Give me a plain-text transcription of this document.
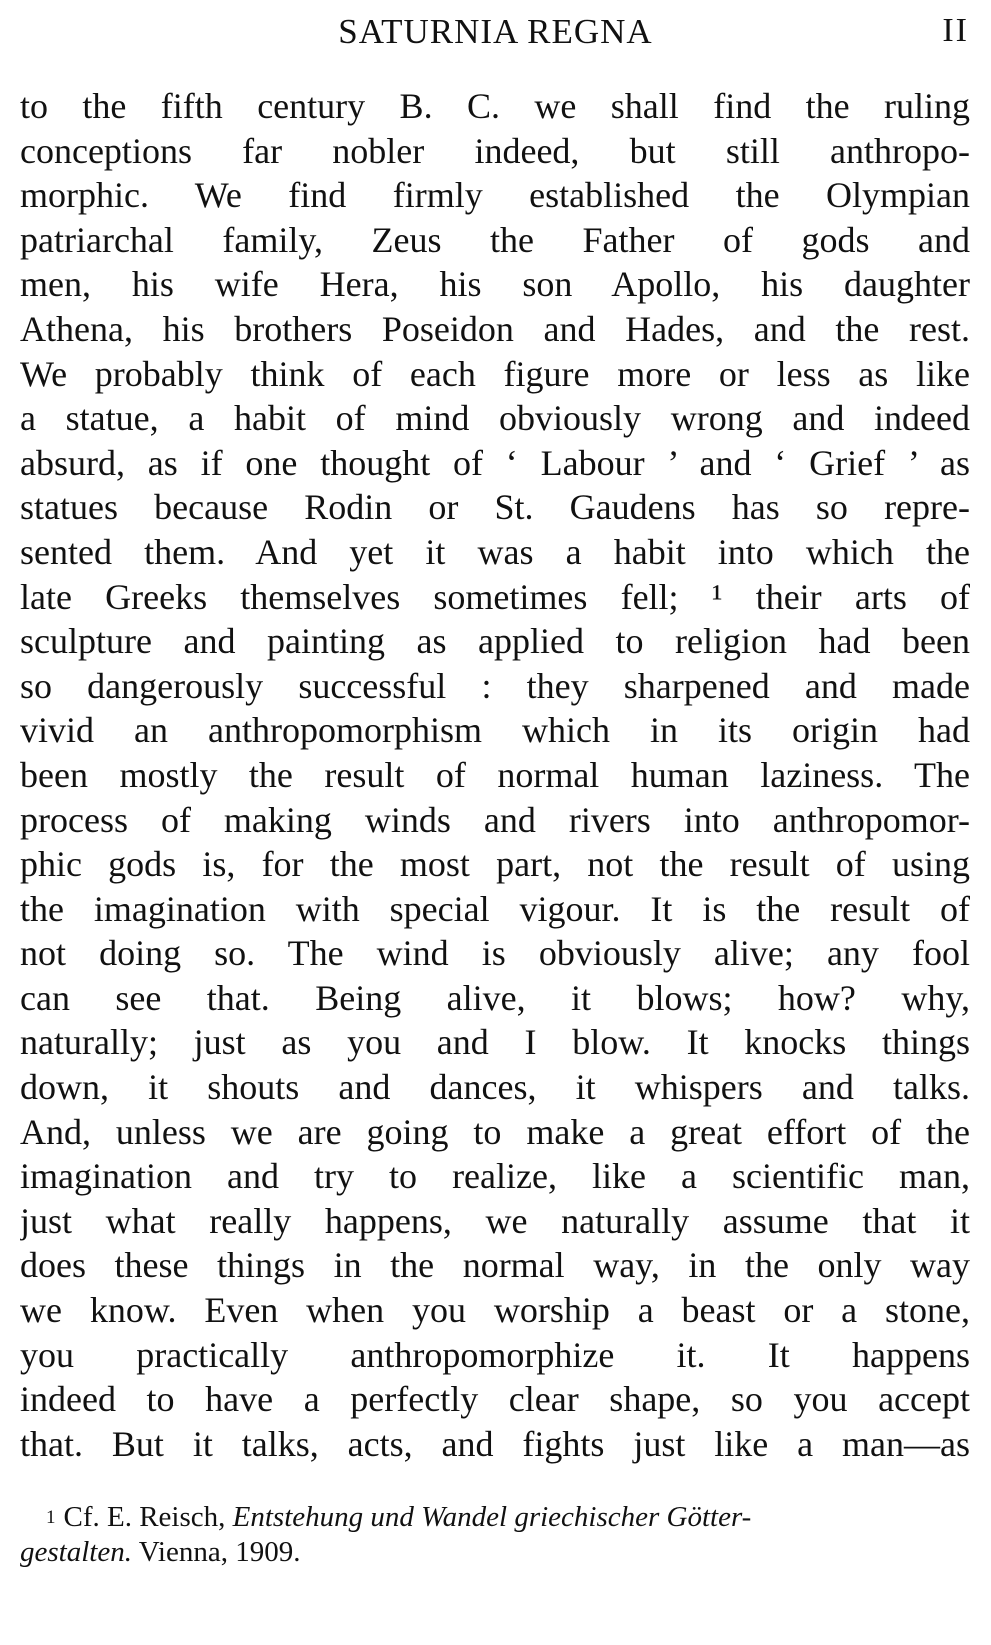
SATURNIA REGNA	II
to the fifth century B. C. we shall find the ruling
conceptions far nobler indeed, but still anthropo-
morphic. We find firmly established the Olympian
patriarchal family, Zeus the Father of gods and
men, his wife Hera, his son Apollo, his daughter
Athena, his brothers Poseidon and Hades, and the rest.
We probably think of each figure more or less as like
a statue, a habit of mind obviously wrong and indeed
absurd, as if one thought of ‘ Labour ’ and ‘ Grief ’ as
statues because Rodin or St. Gaudens has so repre-
sented them. And yet it was a habit into which the
late Greeks themselves sometimes fell; ¹ their arts of
sculpture and painting as applied to religion had been
so dangerously successful : they sharpened and made
vivid an anthropomorphism which in its origin had
been mostly the result of normal human laziness. The
process of making winds and rivers into anthropomor-
phic gods is, for the most part, not the result of using
the imagination with special vigour. It is the result of
not doing so. The wind is obviously alive; any fool
can see that. Being alive, it blows; how? why,
naturally; just as you and I blow. It knocks things
down, it shouts and dances, it whispers and talks.
And, unless we are going to make a great effort of the
imagination and try to realize, like a scientific man,
just what really happens, we naturally assume that it
does these things in the normal way, in the only way
we know. Even when you worship a beast or a stone,
you practically anthropomorphize it. It happens
indeed to have a perfectly clear shape, so you accept
that. But it talks, acts, and fights just like a man—as
$^1$ Cf. E. Reisch, Entstehung und Wandel griechischer Götter-
gestalten. Vienna, 1909.
